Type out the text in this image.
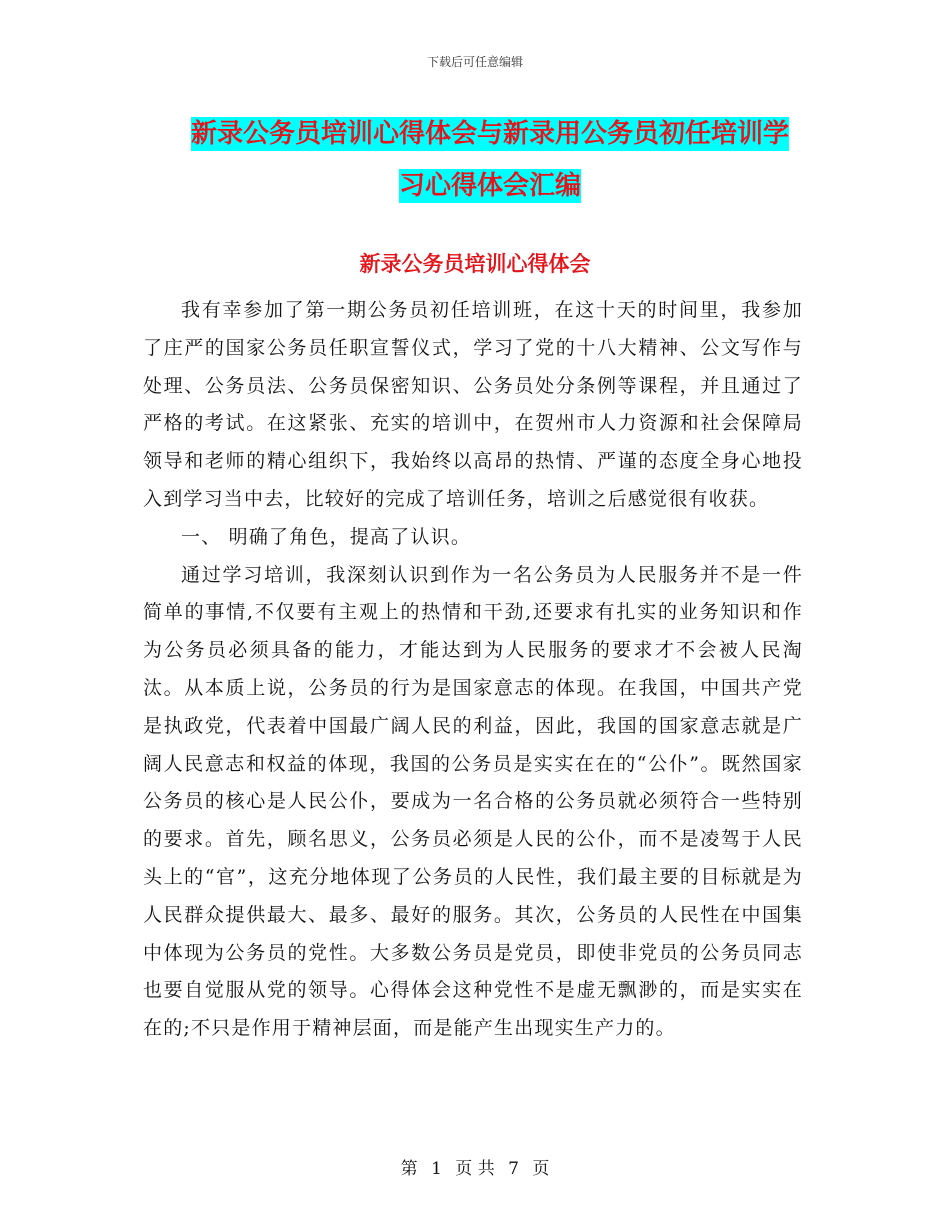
下载后可任意编辑
新录公务员培训心得体会与新录用公务员初任培训学
习心得体会汇编
新录公务员培训心得体会

我有幸参加了第一期公务员初任培训班，在这十天的时间里，我参加了庄严的国家公务员任职宣誓仪式，学习了党的十八大精神、公文写作与处理、公务员法、公务员保密知识、公务员处分条例等课程，并且通过了严格的考试。在这紧张、充实的培训中，在贺州市人力资源和社会保障局领导和老师的精心组织下，我始终以高昂的热情、严谨的态度全身心地投入到学习当中去，比较好的完成了培训任务，培训之后感觉很有收获。

一、 明确了角色，提高了认识。

通过学习培训，我深刻认识到作为一名公务员为人民服务并不是一件简单的事情,不仅要有主观上的热情和干劲,还要求有扎实的业务知识和作为公务员必须具备的能力，才能达到为人民服务的要求才不会被人民淘汰。从本质上说，公务员的行为是国家意志的体现。在我国，中国共产党是执政党，代表着中国最广阔人民的利益，因此，我国的国家意志就是广阔人民意志和权益的体现，我国的公务员是实实在在的“公仆”。既然国家公务员的核心是人民公仆，要成为一名合格的公务员就必须符合一些特别的要求。首先，顾名思义，公务员必须是人民的公仆，而不是凌驾于人民头上的“官”，这充分地体现了公务员的人民性，我们最主要的目标就是为人民群众提供最大、最多、最好的服务。其次，公务员的人民性在中国集中体现为公务员的党性。大多数公务员是党员，即使非党员的公务员同志也要自觉服从党的领导。心得体会这种党性不是虚无飘渺的，而是实实在在的;不只是作用于精神层面，而是能产生出现实生产力的。

第 1 页 共 7 页
